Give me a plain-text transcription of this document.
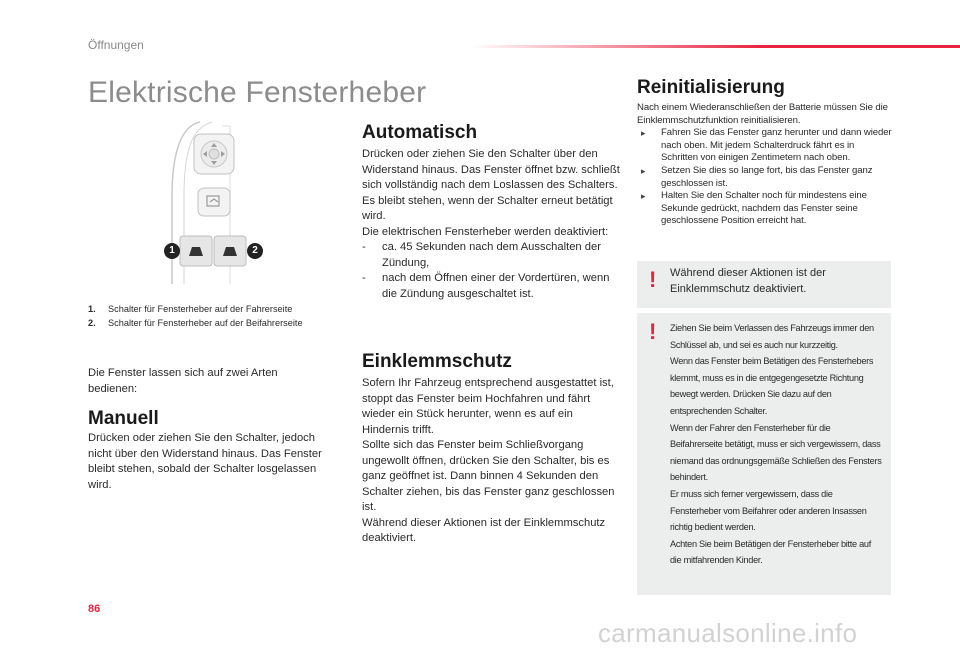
Öffnungen
Elektrische Fensterheber
1	2
1. Schalter für Fensterheber auf der Fahrerseite
2. Schalter für Fensterheber auf der Beifahrerseite
Die Fenster lassen sich auf zwei Arten bedienen:
Manuell
Drücken oder ziehen Sie den Schalter, jedoch nicht über den Widerstand hinaus. Das Fenster bleibt stehen, sobald der Schalter losgelassen wird.
Automatisch
Drücken oder ziehen Sie den Schalter über den Widerstand hinaus. Das Fenster öffnet bzw. schließt sich vollständig nach dem Loslassen des Schalters. Es bleibt stehen, wenn der Schalter erneut betätigt wird.
Die elektrischen Fensterheber werden deaktiviert:
- ca. 45 Sekunden nach dem Ausschalten der Zündung,
- nach dem Öffnen einer der Vordertüren, wenn die Zündung ausgeschaltet ist.
Einklemmschutz
Sofern Ihr Fahrzeug entsprechend ausgestattet ist, stoppt das Fenster beim Hochfahren und fährt wieder ein Stück herunter, wenn es auf ein Hindernis trifft.
Sollte sich das Fenster beim Schließvorgang ungewollt öffnen, drücken Sie den Schalter, bis es ganz geöffnet ist. Dann binnen 4 Sekunden den Schalter ziehen, bis das Fenster ganz geschlossen ist.
Während dieser Aktionen ist der Einklemmschutz deaktiviert.
Reinitialisierung
Nach einem Wiederanschließen der Batterie müssen Sie die Einklemmschutzfunktion reinitialisieren.
▸ Fahren Sie das Fenster ganz herunter und dann wieder nach oben. Mit jedem Schalterdruck fährt es in Schritten von einigen Zentimetern nach oben.
▸ Setzen Sie dies so lange fort, bis das Fenster ganz geschlossen ist.
▸ Halten Sie den Schalter noch für mindestens eine Sekunde gedrückt, nachdem das Fenster seine geschlossene Position erreicht hat.
! Während dieser Aktionen ist der Einklemmschutz deaktiviert.
! Ziehen Sie beim Verlassen des Fahrzeugs immer den Schlüssel ab, und sei es auch nur kurzzeitig.
Wenn das Fenster beim Betätigen des Fensterhebers klemmt, muss es in die entgegengesetzte Richtung bewegt werden. Drücken Sie dazu auf den entsprechenden Schalter.
Wenn der Fahrer den Fensterheber für die Beifahrerseite betätigt, muss er sich vergewissern, dass niemand das ordnungsgemäße Schließen des Fensters behindert.
Er muss sich ferner vergewissern, dass die Fensterheber vom Beifahrer oder anderen Insassen richtig bedient werden.
Achten Sie beim Betätigen der Fensterheber bitte auf die mitfahrenden Kinder.
86
carmanualsonline.info
